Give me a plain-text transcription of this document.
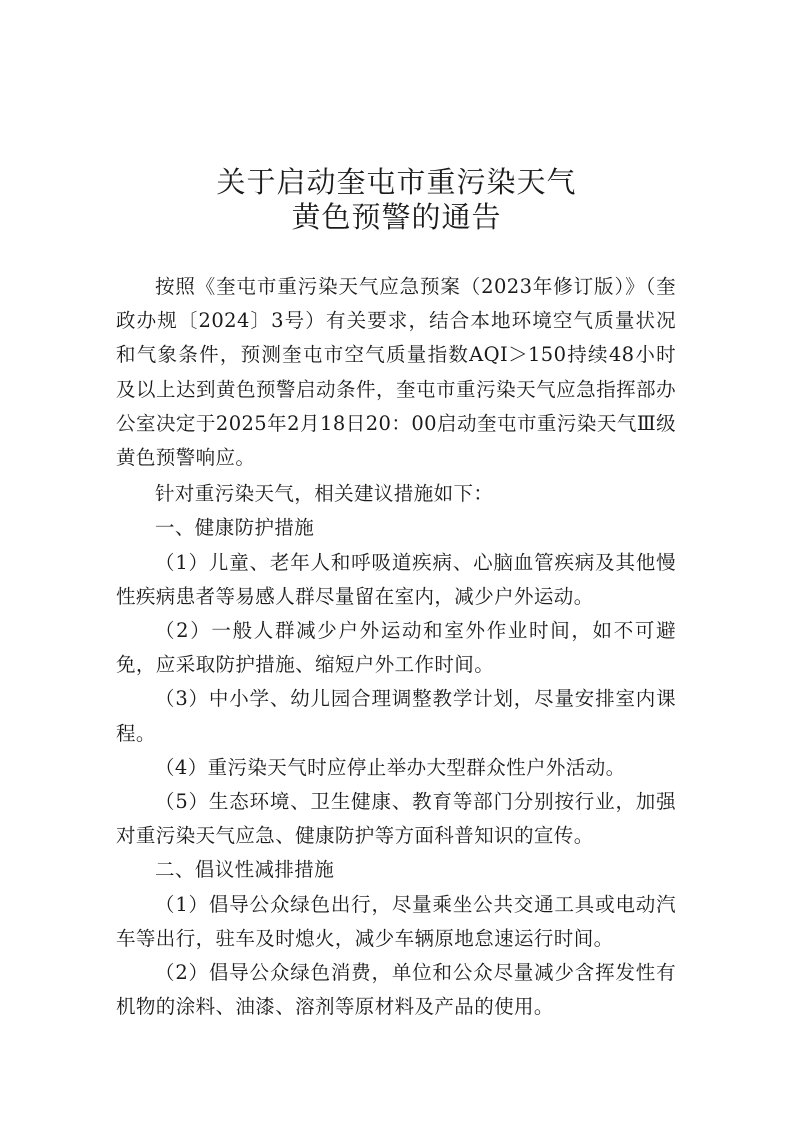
关于启动奎屯市重污染天气
黄色预警的通告

按照《奎屯市重污染天气应急预案（2023年修订版）》（奎政办规〔2024〕3号）有关要求，结合本地环境空气质量状况和气象条件，预测奎屯市空气质量指数AQI＞150持续48小时及以上达到黄色预警启动条件，奎屯市重污染天气应急指挥部办公室决定于2025年2月18日20：00启动奎屯市重污染天气Ⅲ级黄色预警响应。

针对重污染天气，相关建议措施如下：

一、健康防护措施

（1）儿童、老年人和呼吸道疾病、心脑血管疾病及其他慢性疾病患者等易感人群尽量留在室内，减少户外运动。

（2）一般人群减少户外运动和室外作业时间，如不可避免，应采取防护措施、缩短户外工作时间。

（3）中小学、幼儿园合理调整教学计划，尽量安排室内课程。

（4）重污染天气时应停止举办大型群众性户外活动。

（5）生态环境、卫生健康、教育等部门分别按行业，加强对重污染天气应急、健康防护等方面科普知识的宣传。

二、倡议性减排措施

（1）倡导公众绿色出行，尽量乘坐公共交通工具或电动汽车等出行，驻车及时熄火，减少车辆原地怠速运行时间。

（2）倡导公众绿色消费，单位和公众尽量减少含挥发性有机物的涂料、油漆、溶剂等原材料及产品的使用。
